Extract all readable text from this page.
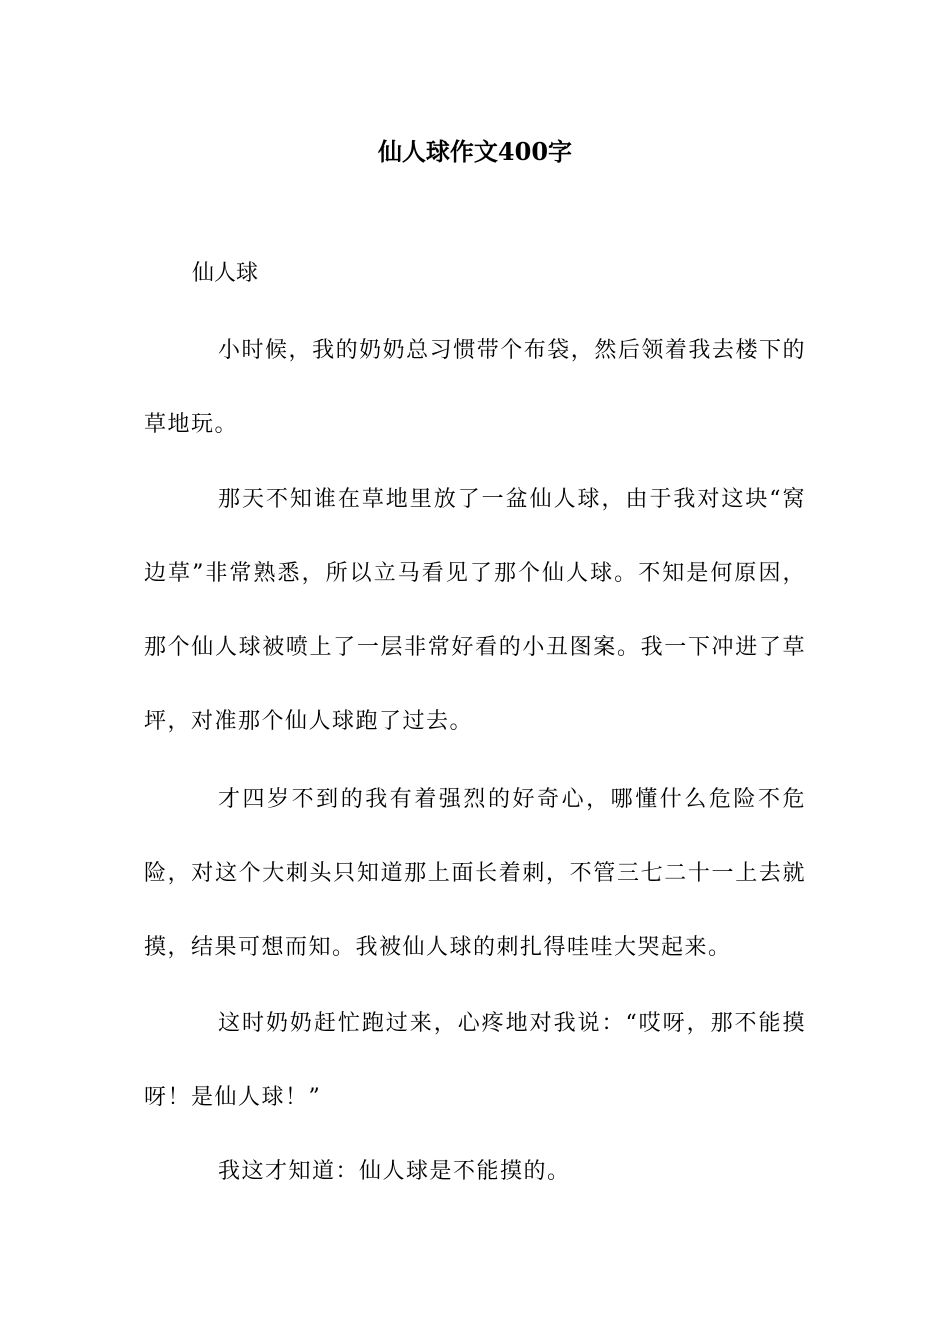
仙人球作文400字
仙人球
小时候，我的奶奶总习惯带个布袋，然后领着我去楼下的草地玩。
那天不知谁在草地里放了一盆仙人球，由于我对这块“窝边草”非常熟悉，所以立马看见了那个仙人球。不知是何原因，那个仙人球被喷上了一层非常好看的小丑图案。我一下冲进了草坪，对准那个仙人球跑了过去。
才四岁不到的我有着强烈的好奇心，哪懂什么危险不危险，对这个大刺头只知道那上面长着刺，不管三七二十一上去就摸，结果可想而知。我被仙人球的刺扎得哇哇大哭起来。
这时奶奶赶忙跑过来，心疼地对我说：“哎呀，那不能摸呀！是仙人球！”
我这才知道：仙人球是不能摸的。
